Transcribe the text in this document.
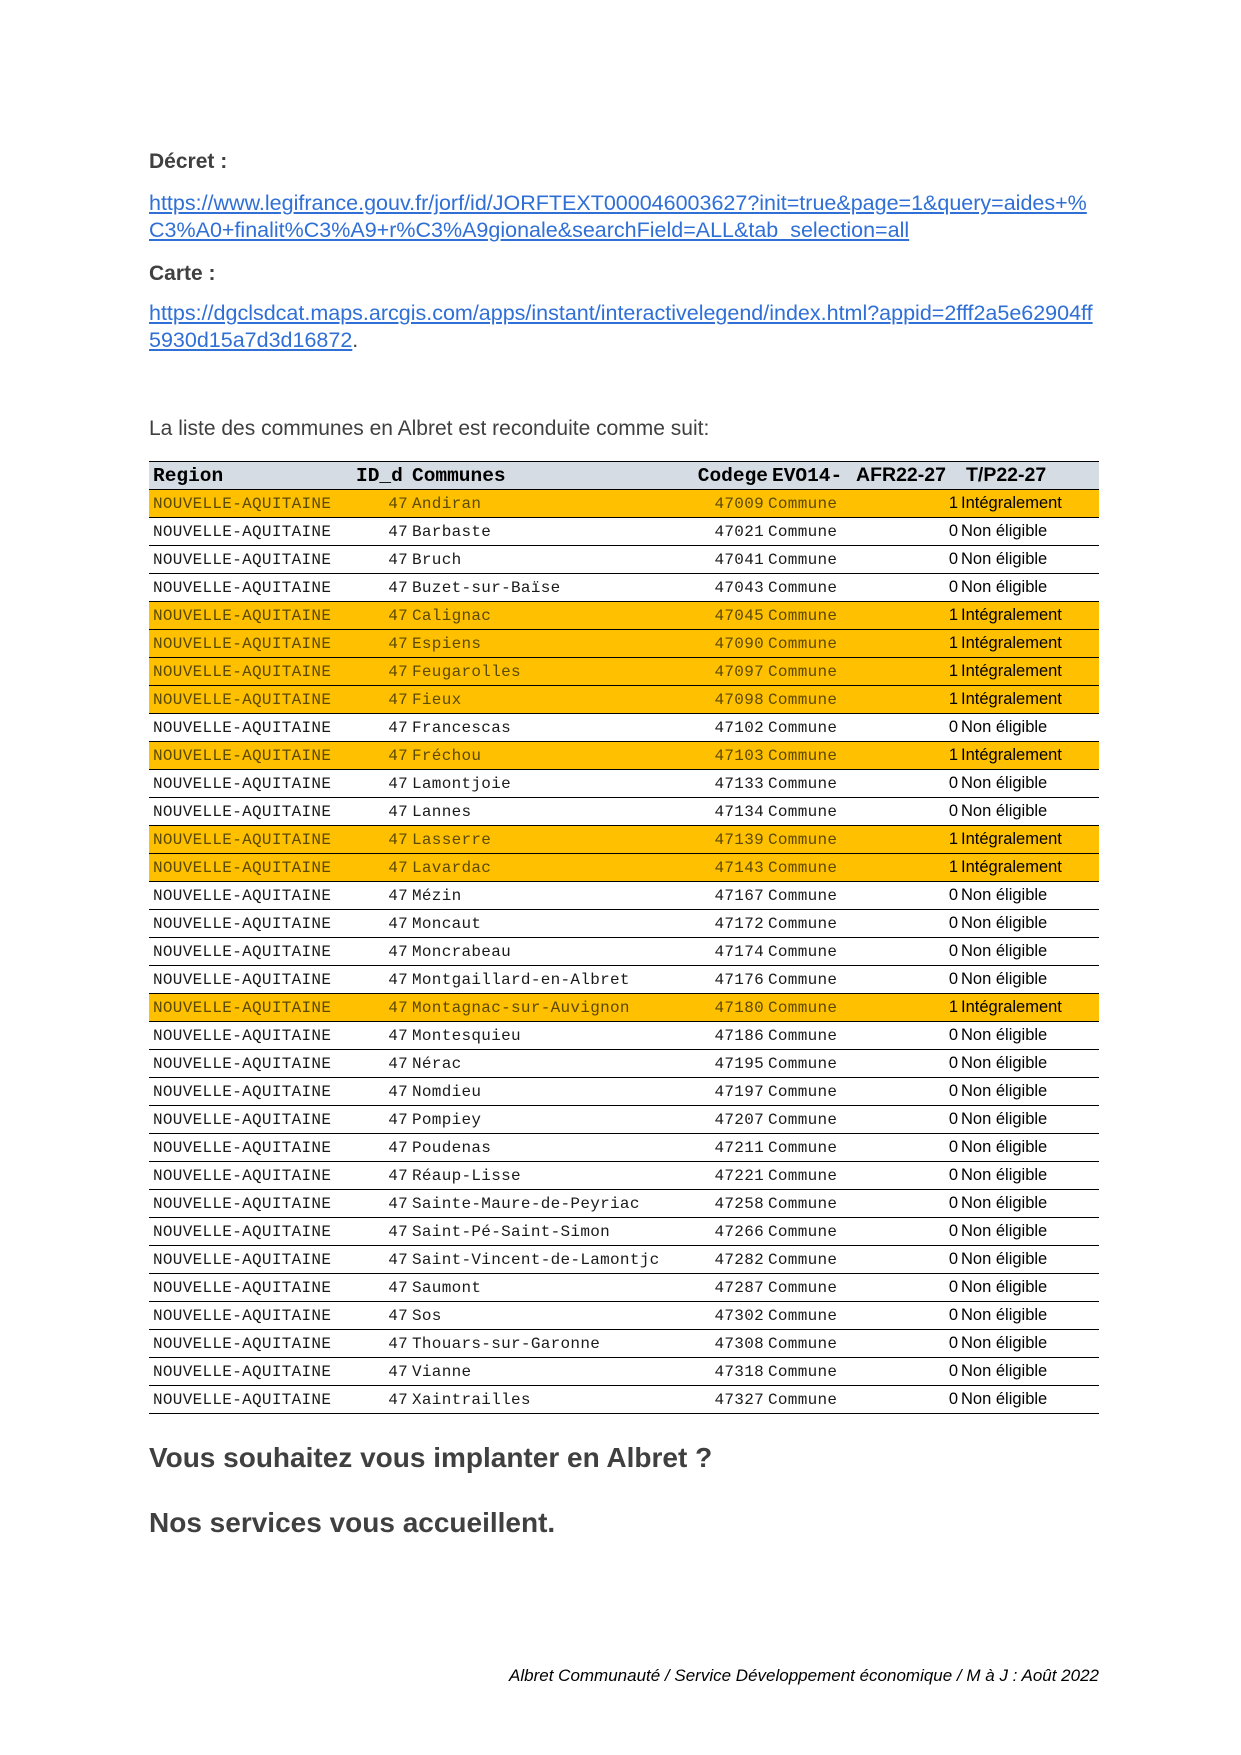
Décret :
https://www.legifrance.gouv.fr/jorf/id/JORFTEXT000046003627?init=true&page=1&query=aides+%C3%A0+finalit%C3%A9+r%C3%A9gionale&searchField=ALL&tab_selection=all
Carte :
https://dgclsdcat.maps.arcgis.com/apps/instant/interactivelegend/index.html?appid=2fff2a5e62904ff5930d15a7d3d16872.
La liste des communes en Albret est reconduite comme suit:
Region	ID_d	Communes	Codege	EVO14-	AFR22-27	T/P22-27
NOUVELLE-AQUITAINE	47	Andiran	47009	Commune	1	Intégralement
NOUVELLE-AQUITAINE	47	Barbaste	47021	Commune	0	Non éligible
NOUVELLE-AQUITAINE	47	Bruch	47041	Commune	0	Non éligible
NOUVELLE-AQUITAINE	47	Buzet-sur-Baïse	47043	Commune	0	Non éligible
NOUVELLE-AQUITAINE	47	Calignac	47045	Commune	1	Intégralement
NOUVELLE-AQUITAINE	47	Espiens	47090	Commune	1	Intégralement
NOUVELLE-AQUITAINE	47	Feugarolles	47097	Commune	1	Intégralement
NOUVELLE-AQUITAINE	47	Fieux	47098	Commune	1	Intégralement
NOUVELLE-AQUITAINE	47	Francescas	47102	Commune	0	Non éligible
NOUVELLE-AQUITAINE	47	Fréchou	47103	Commune	1	Intégralement
NOUVELLE-AQUITAINE	47	Lamontjoie	47133	Commune	0	Non éligible
NOUVELLE-AQUITAINE	47	Lannes	47134	Commune	0	Non éligible
NOUVELLE-AQUITAINE	47	Lasserre	47139	Commune	1	Intégralement
NOUVELLE-AQUITAINE	47	Lavardac	47143	Commune	1	Intégralement
NOUVELLE-AQUITAINE	47	Mézin	47167	Commune	0	Non éligible
NOUVELLE-AQUITAINE	47	Moncaut	47172	Commune	0	Non éligible
NOUVELLE-AQUITAINE	47	Moncrabeau	47174	Commune	0	Non éligible
NOUVELLE-AQUITAINE	47	Montgaillard-en-Albret	47176	Commune	0	Non éligible
NOUVELLE-AQUITAINE	47	Montagnac-sur-Auvignon	47180	Commune	1	Intégralement
NOUVELLE-AQUITAINE	47	Montesquieu	47186	Commune	0	Non éligible
NOUVELLE-AQUITAINE	47	Nérac	47195	Commune	0	Non éligible
NOUVELLE-AQUITAINE	47	Nomdieu	47197	Commune	0	Non éligible
NOUVELLE-AQUITAINE	47	Pompiey	47207	Commune	0	Non éligible
NOUVELLE-AQUITAINE	47	Poudenas	47211	Commune	0	Non éligible
NOUVELLE-AQUITAINE	47	Réaup-Lisse	47221	Commune	0	Non éligible
NOUVELLE-AQUITAINE	47	Sainte-Maure-de-Peyriac	47258	Commune	0	Non éligible
NOUVELLE-AQUITAINE	47	Saint-Pé-Saint-Simon	47266	Commune	0	Non éligible
NOUVELLE-AQUITAINE	47	Saint-Vincent-de-Lamontjc	47282	Commune	0	Non éligible
NOUVELLE-AQUITAINE	47	Saumont	47287	Commune	0	Non éligible
NOUVELLE-AQUITAINE	47	Sos	47302	Commune	0	Non éligible
NOUVELLE-AQUITAINE	47	Thouars-sur-Garonne	47308	Commune	0	Non éligible
NOUVELLE-AQUITAINE	47	Vianne	47318	Commune	0	Non éligible
NOUVELLE-AQUITAINE	47	Xaintrailles	47327	Commune	0	Non éligible
Vous souhaitez vous implanter en Albret ?
Nos services vous accueillent.
Albret Communauté / Service Développement économique / M à J : Août 2022
